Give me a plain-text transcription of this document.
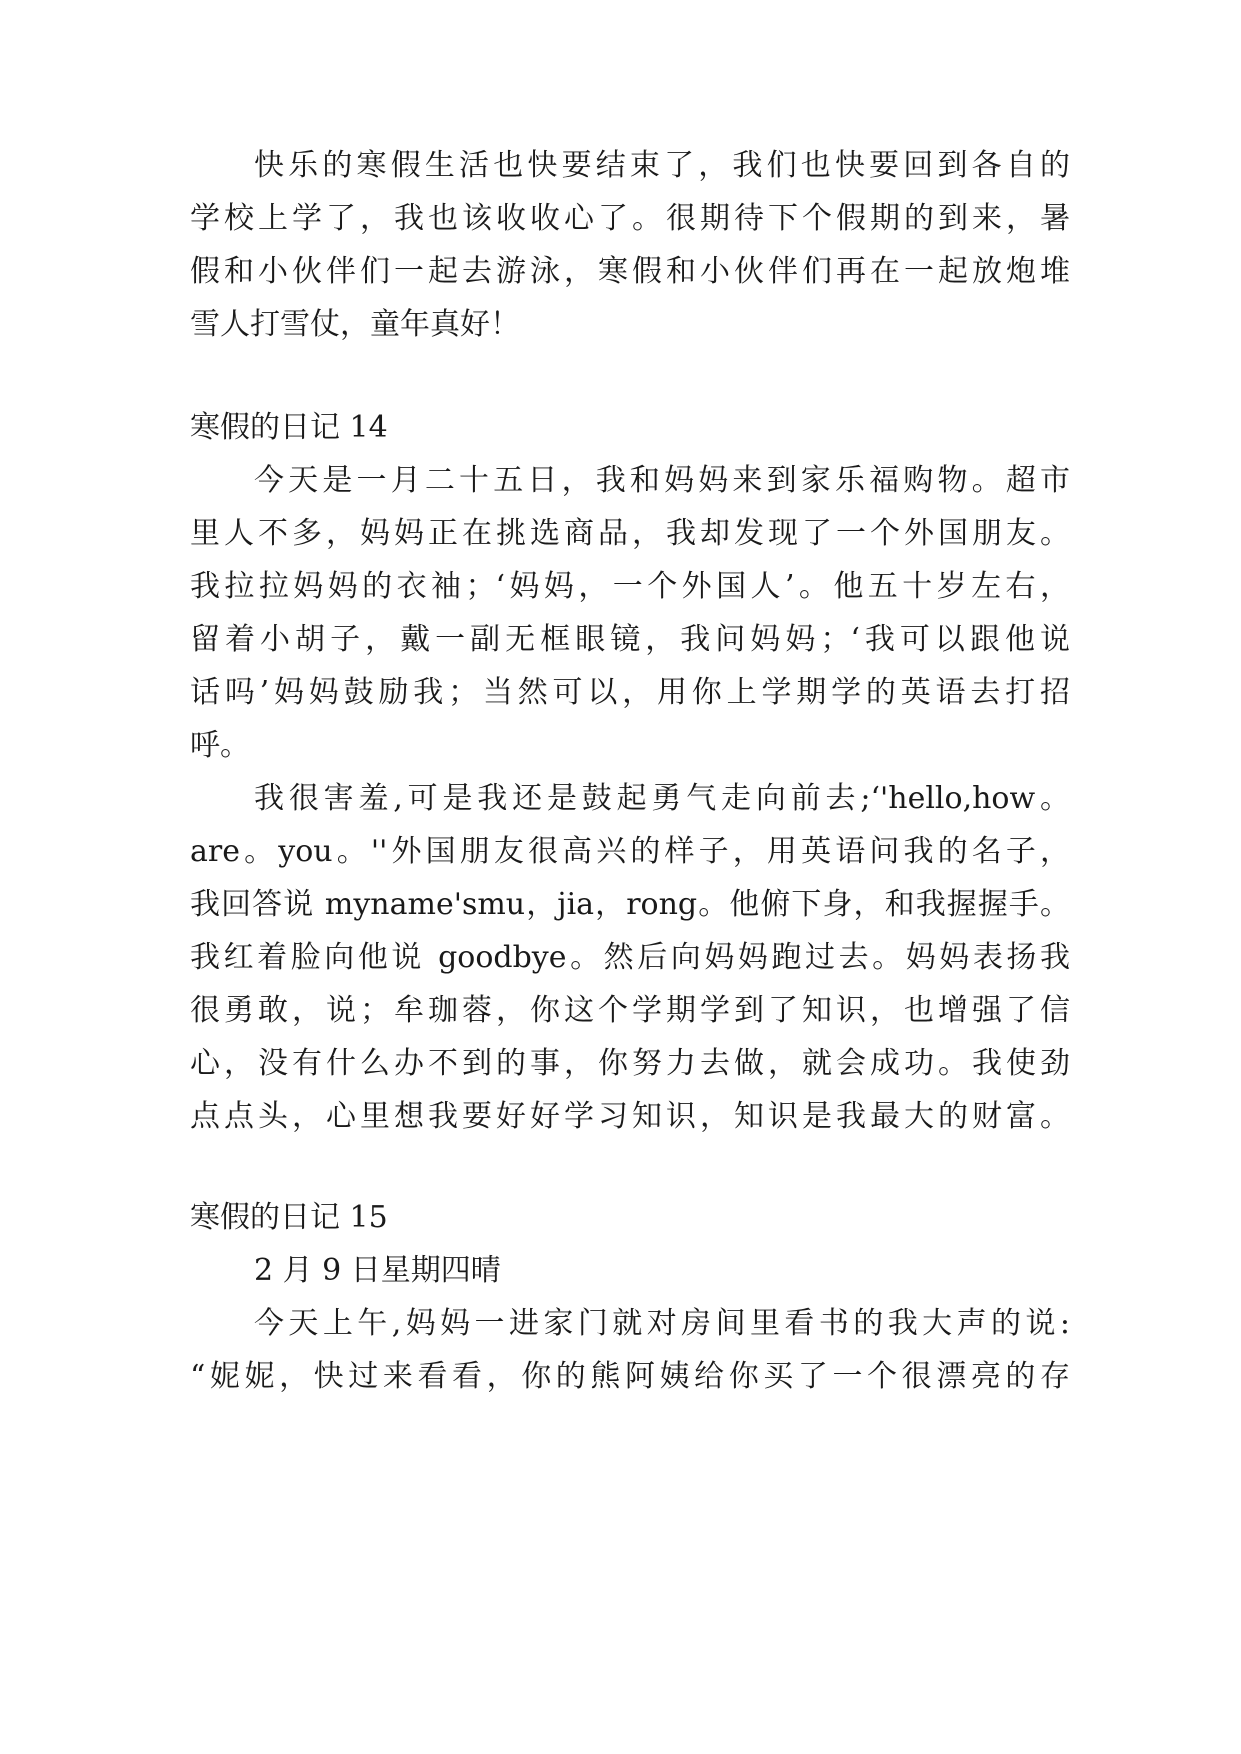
快乐的寒假生活也快要结束了，我们也快要回到各自的
学校上学了，我也该收收心了。很期待下个假期的到来，暑
假和小伙伴们一起去游泳，寒假和小伙伴们再在一起放炮堆
雪人打雪仗，童年真好！
寒假的日记 14
今天是一月二十五日，我和妈妈来到家乐福购物。超市
里人不多，妈妈正在挑选商品，我却发现了一个外国朋友。
我拉拉妈妈的衣袖；‘妈妈，一个外国人’。他五十岁左右，
留着小胡子，戴一副无框眼镜，我问妈妈；‘我可以跟他说
话吗’妈妈鼓励我；当然可以，用你上学期学的英语去打招
呼。
我很害羞,可是我还是鼓起勇气走向前去;‘'hello,how。
are。you。''外国朋友很高兴的样子，用英语问我的名子，
我回答说 myname'smu，jia，rong。他俯下身，和我握握手。
我红着脸向他说 goodbye。然后向妈妈跑过去。妈妈表扬我
很勇敢，说；牟珈蓉，你这个学期学到了知识，也增强了信
心，没有什么办不到的事，你努力去做，就会成功。我使劲
点点头，心里想我要好好学习知识，知识是我最大的财富。
寒假的日记 15
2 月 9 日星期四晴
今天上午,妈妈一进家门就对房间里看书的我大声的说:
“妮妮，快过来看看，你的熊阿姨给你买了一个很漂亮的存
